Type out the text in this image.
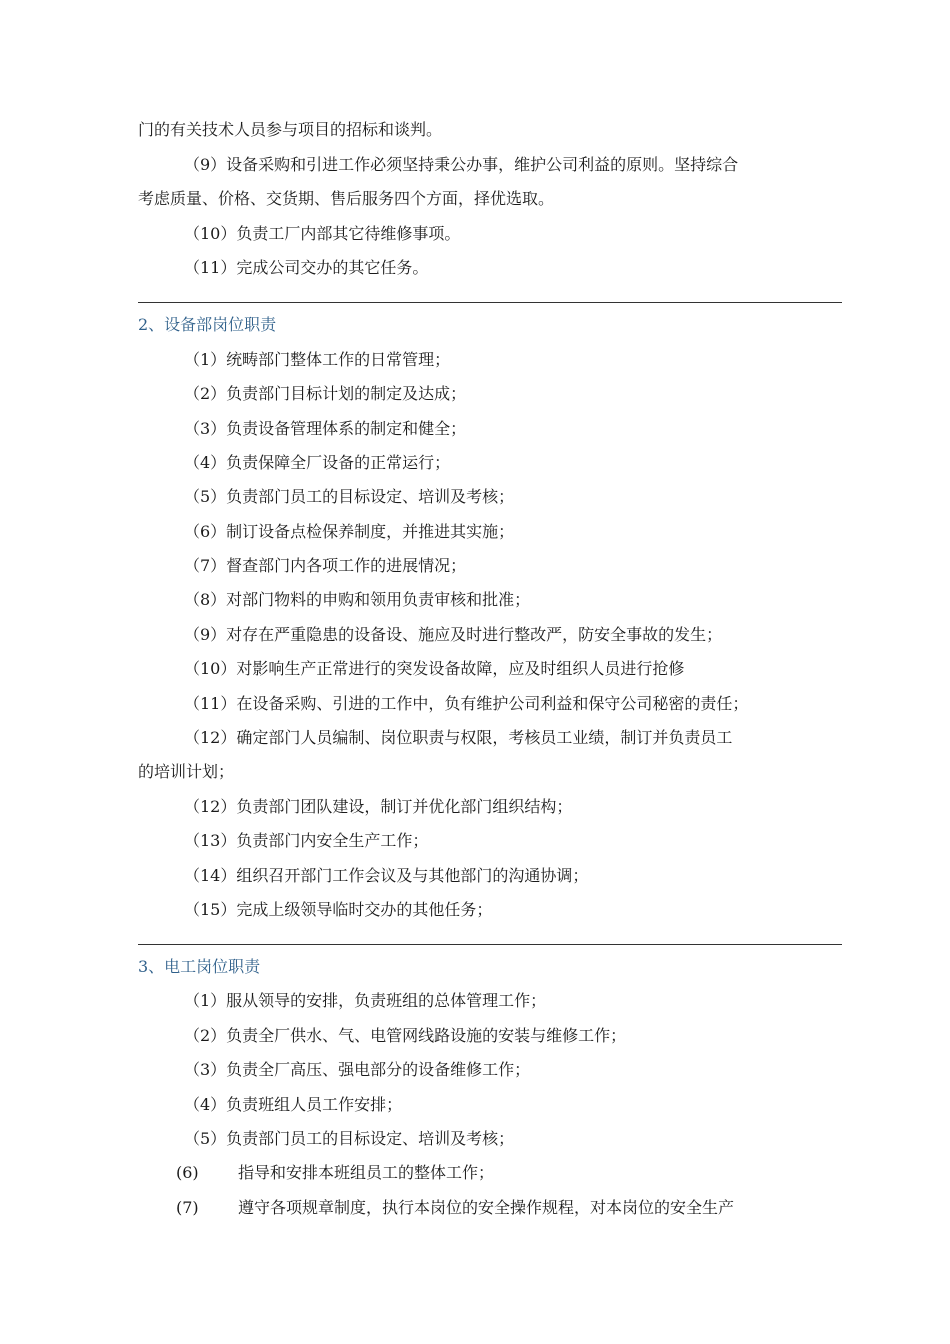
门的有关技术人员参与项目的招标和谈判。
（9）设备采购和引进工作必须坚持秉公办事，维护公司利益的原则。坚持综合
考虑质量、价格、交货期、售后服务四个方面，择优选取。
（10）负责工厂内部其它待维修事项。
（11）完成公司交办的其它任务。
2、设备部岗位职责
（1）统畴部门整体工作的日常管理；
（2）负责部门目标计划的制定及达成；
（3）负责设备管理体系的制定和健全；
（4）负责保障全厂设备的正常运行；
（5）负责部门员工的目标设定、培训及考核；
（6）制订设备点检保养制度，并推进其实施；
（7）督查部门内各项工作的进展情况；
（8）对部门物料的申购和领用负责审核和批准；
（9）对存在严重隐患的设备设、施应及时进行整改严，防安全事故的发生；
（10）对影响生产正常进行的突发设备故障，应及时组织人员进行抢修
（11）在设备采购、引进的工作中，负有维护公司利益和保守公司秘密的责任；
（12）确定部门人员编制、岗位职责与权限，考核员工业绩，制订并负责员工
的培训计划；
（12）负责部门团队建设，制订并优化部门组织结构；
（13）负责部门内安全生产工作；
（14）组织召开部门工作会议及与其他部门的沟通协调；
（15）完成上级领导临时交办的其他任务；
3、电工岗位职责
（1）服从领导的安排，负责班组的总体管理工作；
（2）负责全厂供水、气、电管网线路设施的安装与维修工作；
（3）负责全厂高压、强电部分的设备维修工作；
（4）负责班组人员工作安排；
（5）负责部门员工的目标设定、培训及考核；
(6) 指导和安排本班组员工的整体工作；
(7) 遵守各项规章制度，执行本岗位的安全操作规程，对本岗位的安全生产
